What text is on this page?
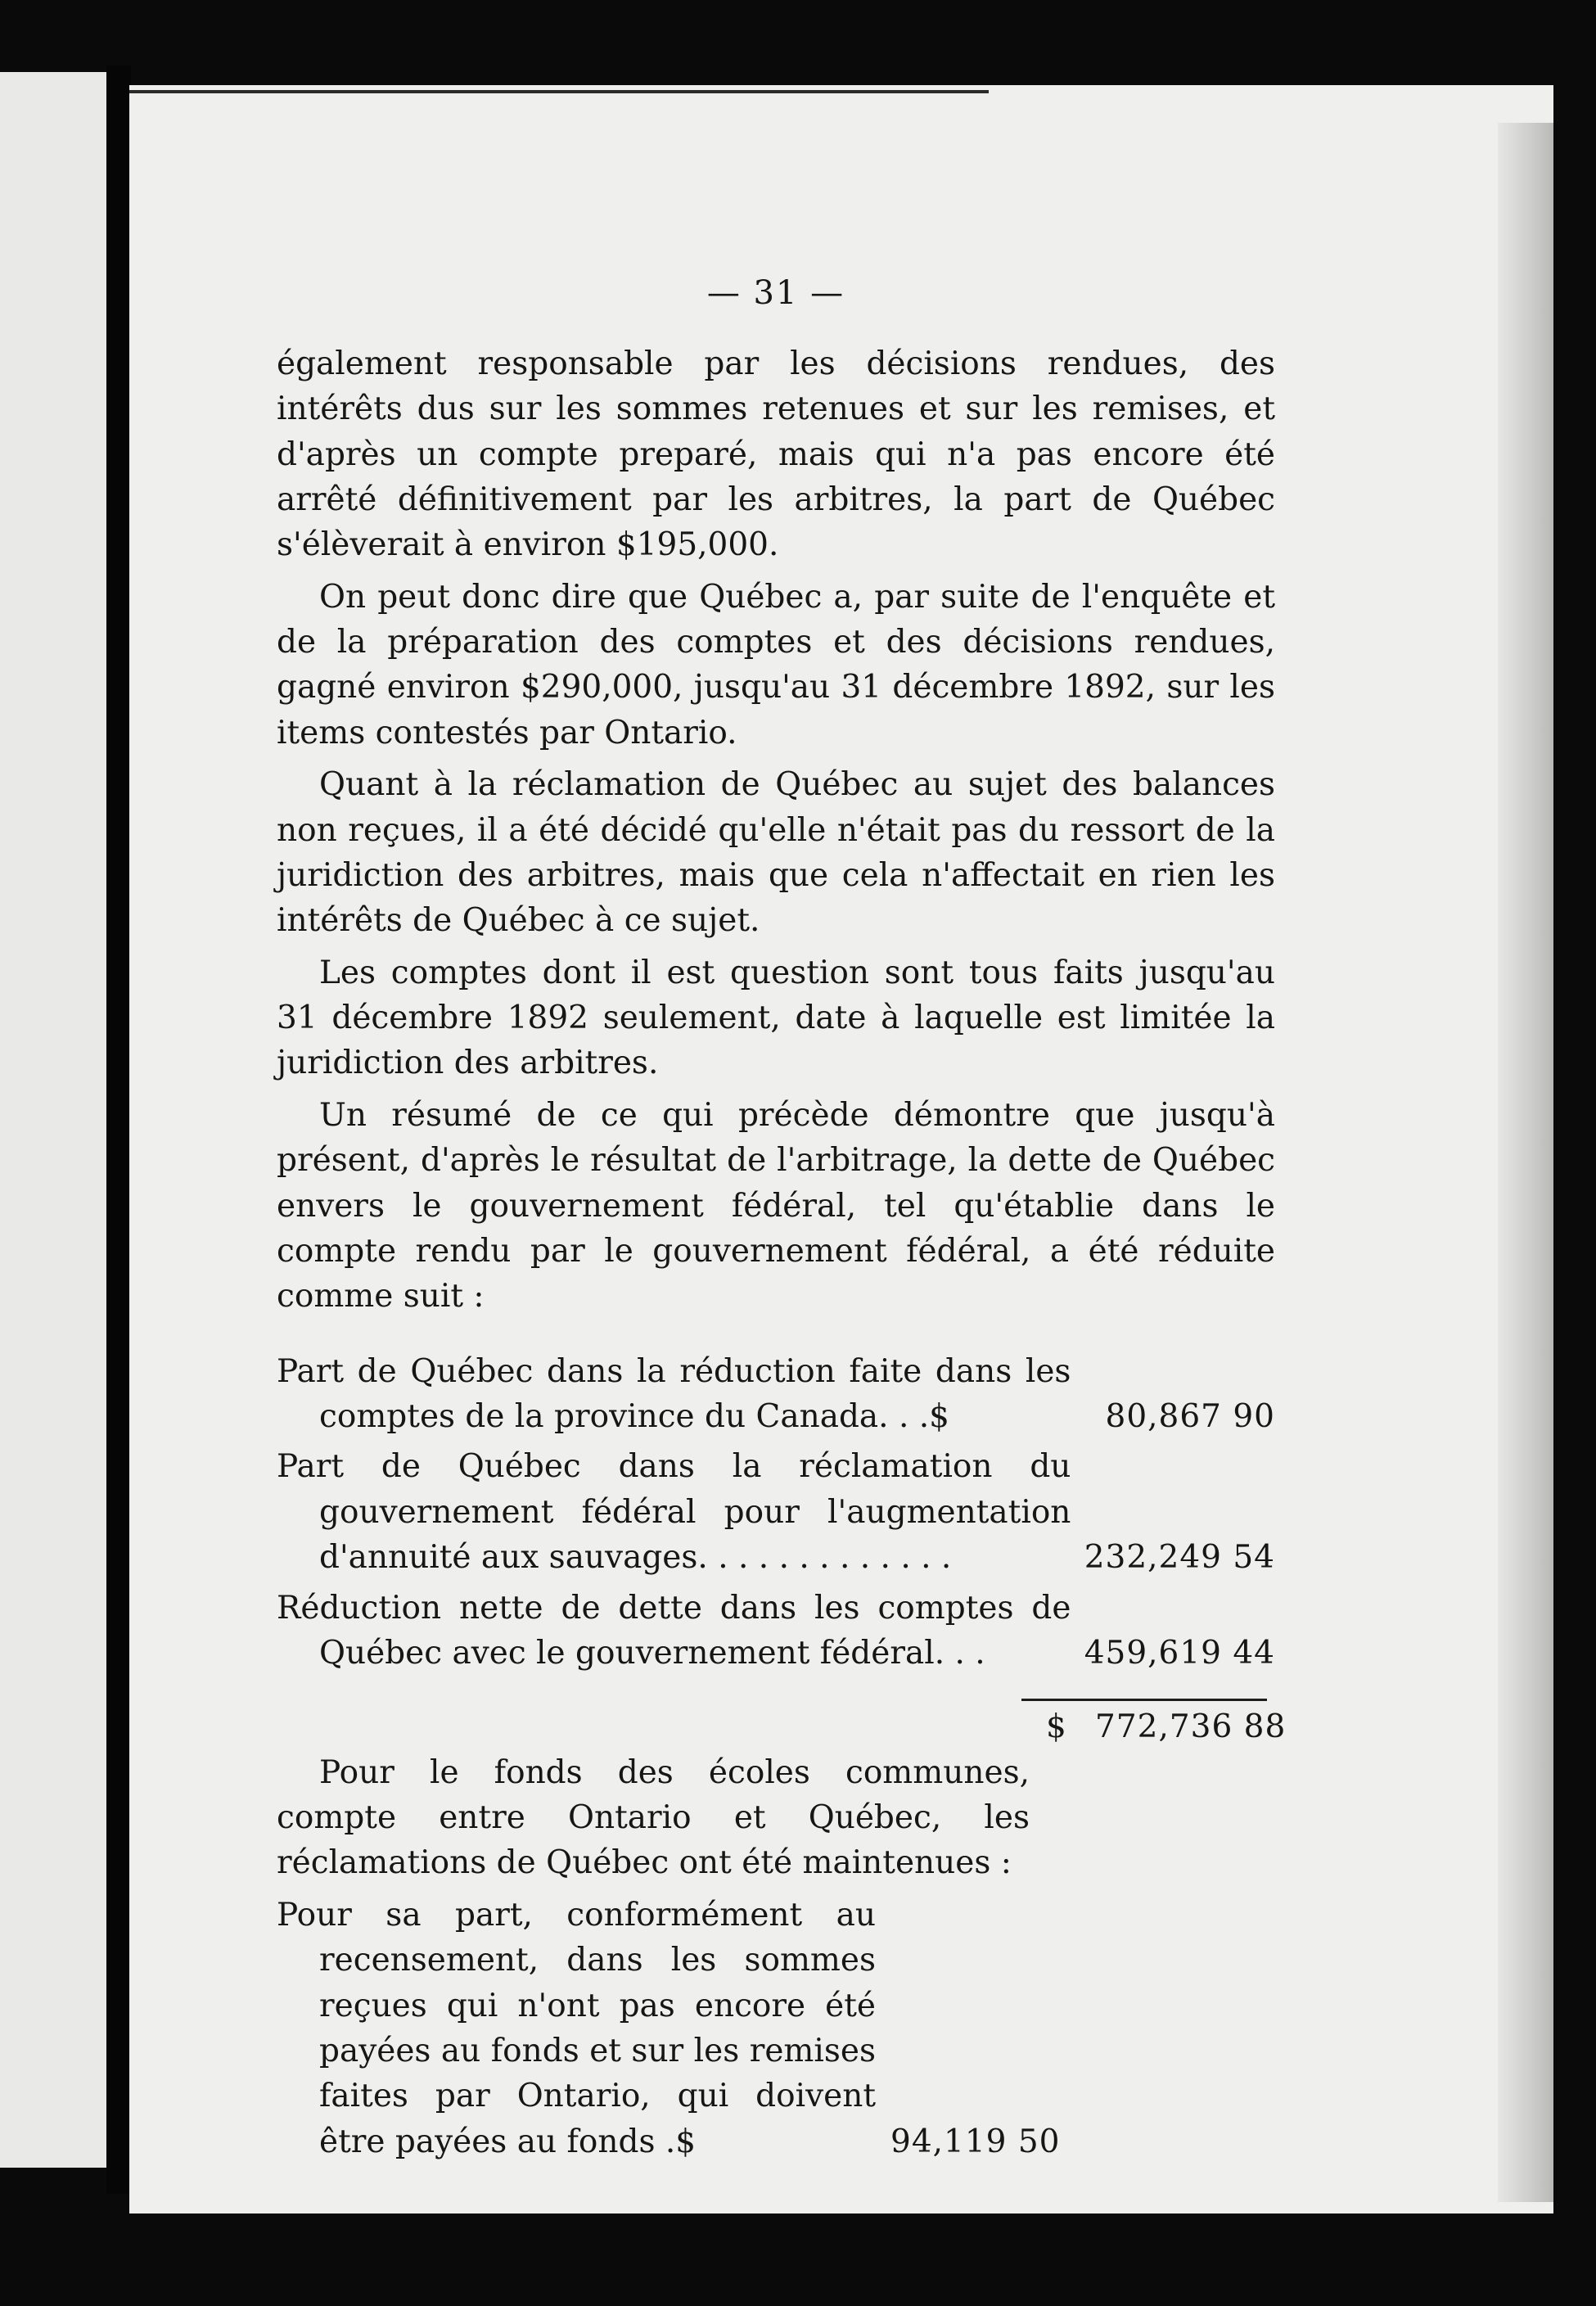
— 31 —

également responsable par les décisions rendues, des intérêts dus sur les sommes retenues et sur les remises, et d'après un compte preparé, mais qui n'a pas encore été arrêté définitivement par les arbitres, la part de Québec s'élèverait à environ $195,000.

On peut donc dire que Québec a, par suite de l'enquête et de la préparation des comptes et des décisions rendues, gagné environ $290,000, jusqu'au 31 décembre 1892, sur les items contestés par Ontario.

Quant à la réclamation de Québec au sujet des balances non reçues, il a été décidé qu'elle n'était pas du ressort de la juridiction des arbitres, mais que cela n'affectait en rien les intérêts de Québec à ce sujet.

Les comptes dont il est question sont tous faits jusqu'au 31 décembre 1892 seulement, date à laquelle est limitée la juridiction des arbitres.

Un résumé de ce qui précède démontre que jusqu'à présent, d'après le résultat de l'arbitrage, la dette de Québec envers le gouvernement fédéral, tel qu'établie dans le compte rendu par le gouvernement fédéral, a été réduite comme suit :

Part de Québec dans la réduction faite dans les comptes de la province du Canada. . .$	80,867 90
Part de Québec dans la réclamation du gouvernement fédéral pour l'augmentation d'annuité aux sauvages. . . . . . . . . . . . .	232,249 54
Réduction nette de dette dans les comptes de Québec avec le gouvernement fédéral. . .	459,619 44
$ 772,736 88

Pour le fonds des écoles communes, compte entre Ontario et Québec, les réclamations de Québec ont été maintenues :

Pour sa part, conformément au recensement, dans les sommes reçues qui n'ont pas encore été payées au fonds et sur les remises faites par Ontario, qui doivent être payées au fonds .$	94,119 50
